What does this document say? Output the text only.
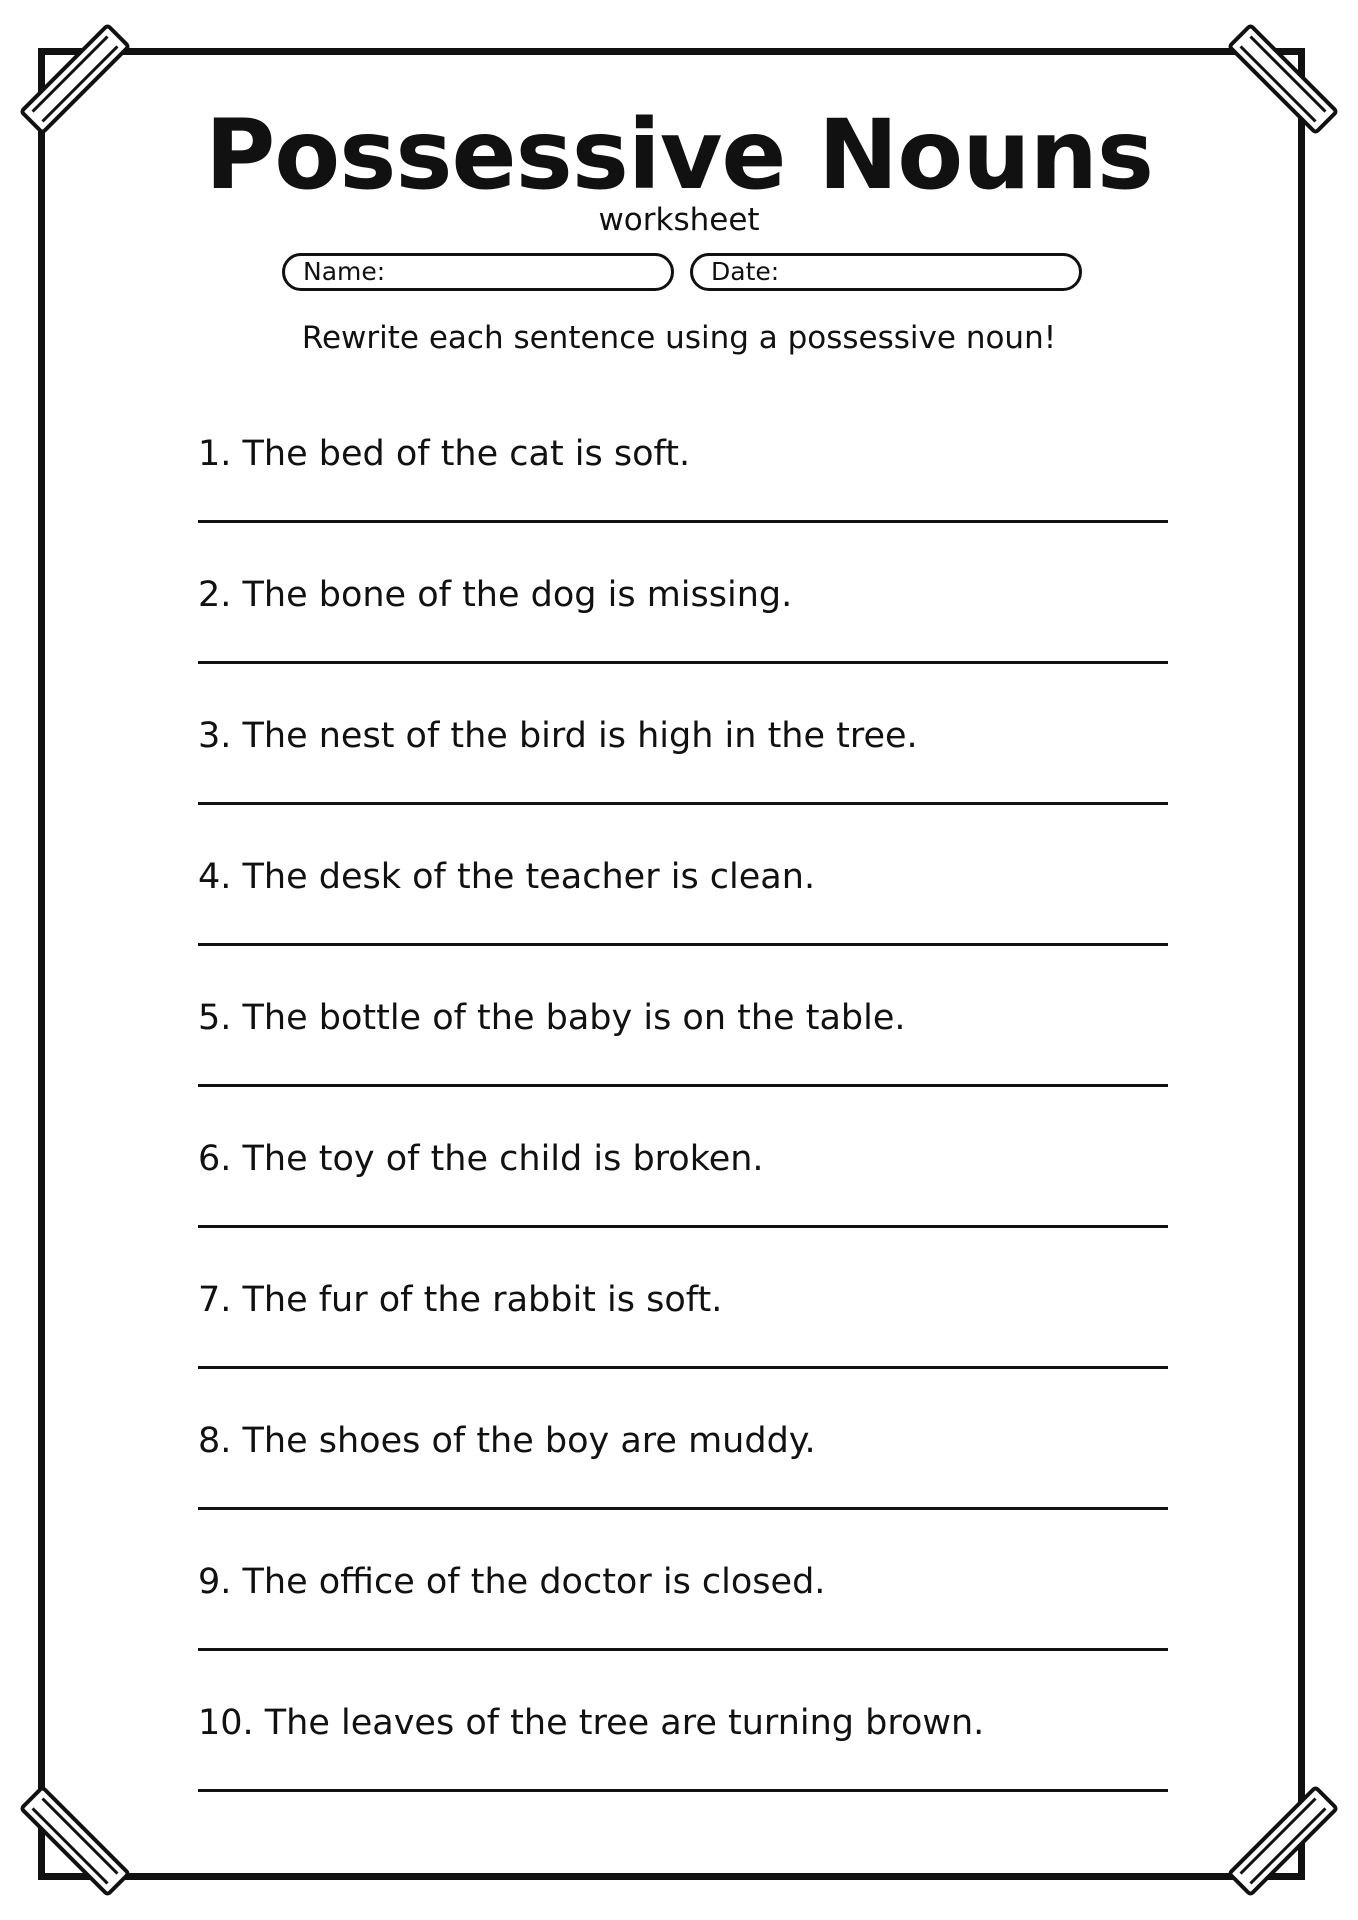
Possessive Nouns
worksheet
Name:	Date:
Rewrite each sentence using a possessive noun!
1. The bed of the cat is soft.
2. The bone of the dog is missing.
3. The nest of the bird is high in the tree.
4. The desk of the teacher is clean.
5. The bottle of the baby is on the table.
6. The toy of the child is broken.
7. The fur of the rabbit is soft.
8. The shoes of the boy are muddy.
9. The office of the doctor is closed.
10. The leaves of the tree are turning brown.
